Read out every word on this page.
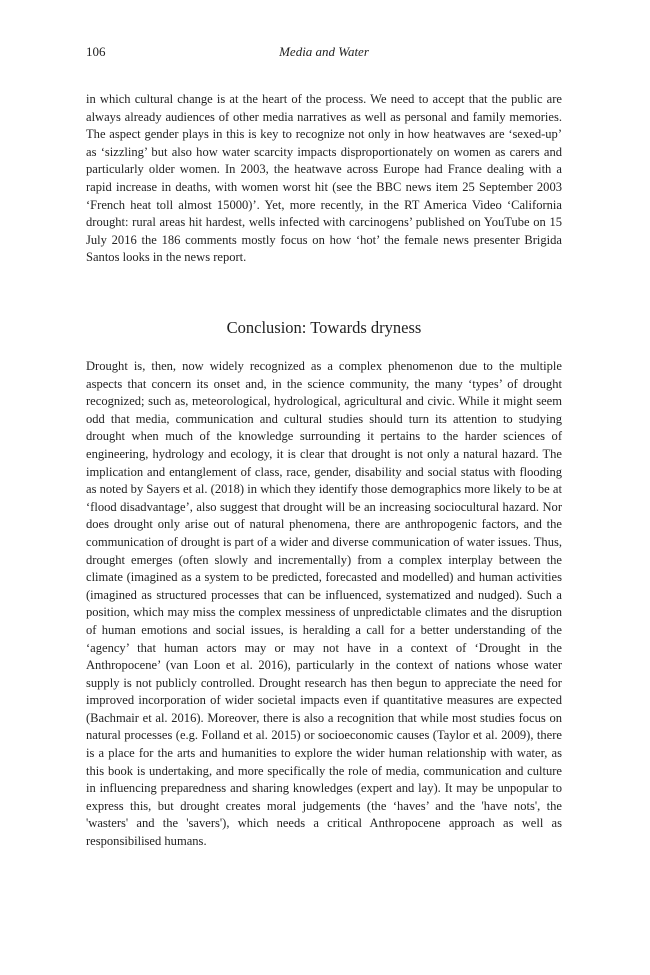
106	Media and Water

in which cultural change is at the heart of the process. We need to accept that the public are always already audiences of other media narratives as well as personal and family memories. The aspect gender plays in this is key to recognize not only in how heatwaves are ‘sexed-up’ as ‘sizzling’ but also how water scarcity impacts disproportionately on women as carers and particularly older women. In 2003, the heatwave across Europe had France dealing with a rapid increase in deaths, with women worst hit (see the BBC news item 25 September 2003 ‘French heat toll almost 15000)’. Yet, more recently, in the RT America Video ‘California drought: rural areas hit hardest, wells infected with carcinogens’ published on YouTube on 15 July 2016 the 186 comments mostly focus on how ‘hot’ the female news presenter Brigida Santos looks in the news report.

Conclusion: Towards dryness

Drought is, then, now widely recognized as a complex phenomenon due to the multiple aspects that concern its onset and, in the science community, the many ‘types’ of drought recognized; such as, meteorological, hydrological, agricultural and civic. While it might seem odd that media, communication and cultural studies should turn its attention to studying drought when much of the knowledge surrounding it pertains to the harder sciences of engineering, hydrology and ecology, it is clear that drought is not only a natural hazard. The implication and entanglement of class, race, gender, disability and social status with flooding as noted by Sayers et al. (2018) in which they identify those demographics more likely to be at ‘flood disadvantage’, also suggest that drought will be an increasing sociocultural hazard. Nor does drought only arise out of natural phenomena, there are anthropogenic factors, and the communication of drought is part of a wider and diverse communication of water issues. Thus, drought emerges (often slowly and incrementally) from a complex interplay between the climate (imagined as a system to be predicted, forecasted and modelled) and human activities (imagined as structured processes that can be influenced, systematized and nudged). Such a position, which may miss the complex messiness of unpredictable climates and the disruption of human emotions and social issues, is heralding a call for a better understanding of the ‘agency’ that human actors may or may not have in a context of ‘Drought in the Anthropocene’ (van Loon et al. 2016), particularly in the context of nations whose water supply is not publicly controlled. Drought research has then begun to appreciate the need for improved incorporation of wider societal impacts even if quantitative measures are expected (Bachmair et al. 2016). Moreover, there is also a recognition that while most studies focus on natural processes (e.g. Folland et al. 2015) or socioeconomic causes (Taylor et al. 2009), there is a place for the arts and humanities to explore the wider human relationship with water, as this book is undertaking, and more specifically the role of media, communication and culture in influencing preparedness and sharing knowledges (expert and lay). It may be unpopular to express this, but drought creates moral judgements (the ‘haves’ and the 'have nots', the 'wasters' and the 'savers'), which needs a critical Anthropocene approach as well as responsibilised humans.
